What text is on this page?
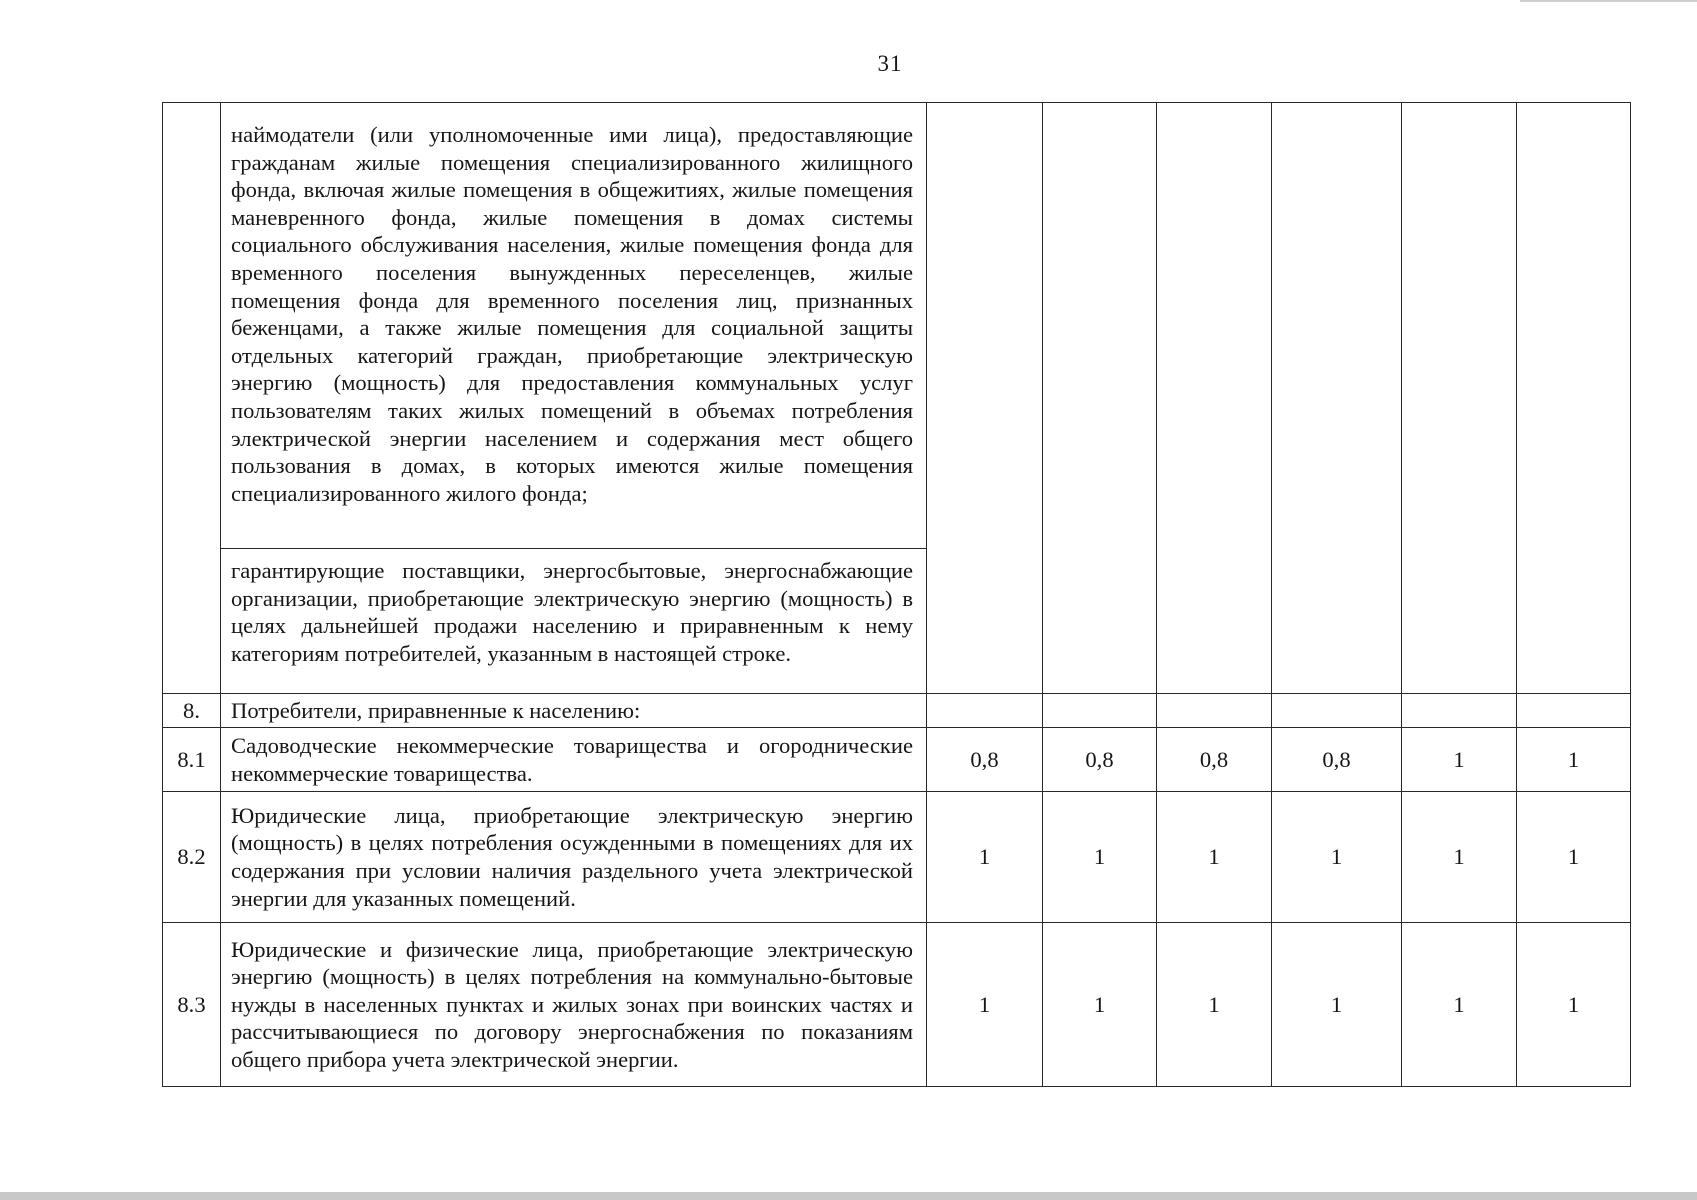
31
	наймодатели (или уполномоченные ими лица), предоставляющие гражданам жилые помещения специализированного жилищного фонда, включая жилые помещения в общежитиях, жилые помещения маневренного фонда, жилые помещения в домах системы социального обслуживания населения, жилые помещения фонда для временного поселения вынужденных переселенцев, жилые помещения фонда для временного поселения лиц, признанных беженцами, а также жилые помещения для социальной защиты отдельных категорий граждан, приобретающие электрическую энергию (мощность) для предоставления коммунальных услуг пользователям таких жилых помещений в объемах потребления электрической энергии населением и содержания мест общего пользования в домах, в которых имеются жилые помещения специализированного жилого фонда;						
	гарантирующие поставщики, энергосбытовые, энергоснабжающие организации, приобретающие электрическую энергию (мощность) в целях дальнейшей продажи населению и приравненным к нему категориям потребителей, указанным в настоящей строке.						
8.	Потребители, приравненные к населению:						
8.1	Садоводческие некоммерческие товарищества и огороднические некоммерческие товарищества.	0,8	0,8	0,8	0,8	1	1
8.2	Юридические лица, приобретающие электрическую энергию (мощность) в целях потребления осужденными в помещениях для их содержания при условии наличия раздельного учета электрической энергии для указанных помещений.	1	1	1	1	1	1
8.3	Юридические и физические лица, приобретающие электрическую энергию (мощность) в целях потребления на коммунально-бытовые нужды в населенных пунктах и жилых зонах при воинских частях и рассчитывающиеся по договору энергоснабжения по показаниям общего прибора учета электрической энергии.	1	1	1	1	1	1
